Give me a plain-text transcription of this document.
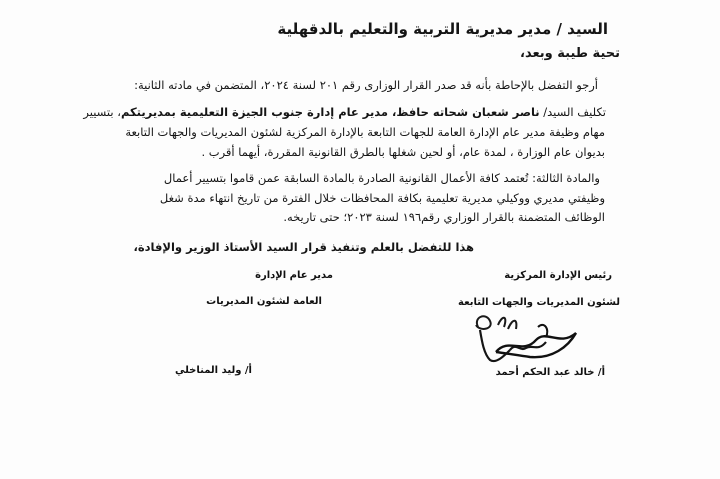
السيد / مدير مديرية التربية والتعليم بالدقهلية
تحية طيبة وبعد،
أرجو التفضل بالإحاطة بأنه قد صدر القرار الوزارى رقم ٢٠١ لسنة ٢٠٢٤، المتضمن في مادته الثانية:
تكليف السيد/ ناصر شعبان شحاته حافظ، مدير عام إدارة جنوب الجيزة التعليمية بمديريتكم، بتسيير
مهام وظيفة مدير عام الإدارة العامة للجهات التابعة بالإدارة المركزية لشئون المديريات والجهات التابعة
بديوان عام الوزارة ، لمدة عام، أو لحين شغلها بالطرق القانونية المقررة، أيهما أقرب .
والمادة الثالثة: تُعتمد كافة الأعمال القانونية الصادرة بالمادة السابقة عمن قاموا بتسيير أعمال
وظيفتي مديري ووكيلي مديرية تعليمية بكافة المحافظات خلال الفترة من تاريخ انتهاء مدة شغل
الوظائف المتضمنة بالقرار الوزاري رقم١٩٦ لسنة ٢٠٢٣؛ حتى تاريخه.
هذا للتفضل بالعلم وتنفيذ قرار السيد الأستاذ الوزير والإفادة،
رئيس الإدارة المركزية
لشئون المديريات والجهات التابعة
أ/ خالد عبد الحكم أحمد
مدير عام الإدارة
العامة لشئون المديريات
أ/ وليد المناخلي
